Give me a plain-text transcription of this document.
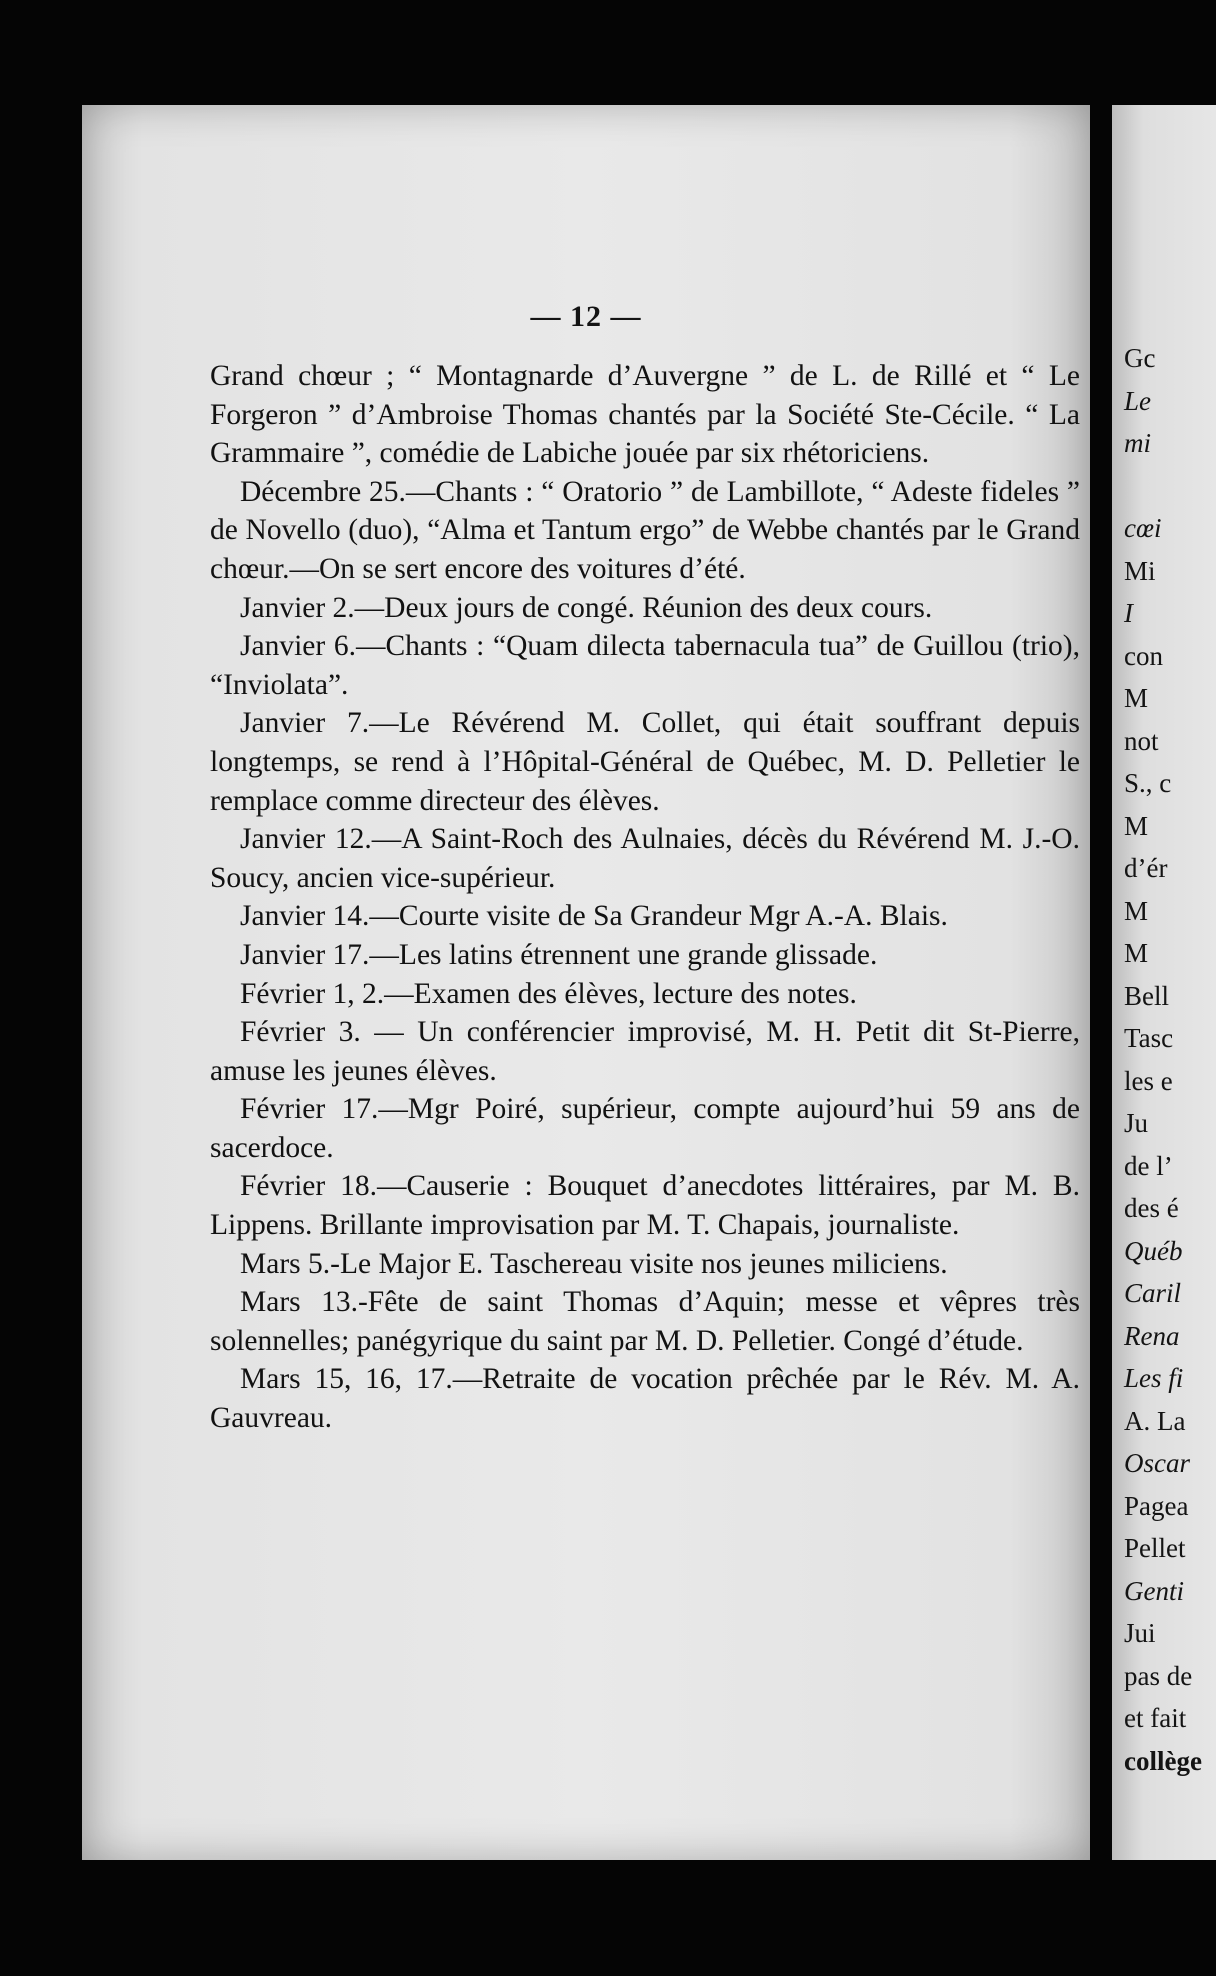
— 12 —

Grand chœur ; “ Montagnarde d’Auvergne ” de L. de Rillé et “ Le Forgeron ” d’Ambroise Thomas chantés par la Société Ste-Cécile. “ La Grammaire ”, comédie de Labiche jouée par six rhétoriciens.

Décembre 25.—Chants : “ Oratorio ” de Lambillote, “ Adeste fideles ” de Novello (duo), “Alma et Tantum ergo” de Webbe chantés par le Grand chœur.—On se sert encore des voitures d’été.

Janvier 2.—Deux jours de congé. Réunion des deux cours.

Janvier 6.—Chants : “Quam dilecta tabernacula tua” de Guillou (trio), “Inviolata”.

Janvier 7.—Le Révérend M. Collet, qui était souffrant depuis longtemps, se rend à l’Hôpital-Général de Québec, M. D. Pelletier le remplace comme directeur des élèves.

Janvier 12.—A Saint-Roch des Aulnaies, décès du Révérend M. J.-O. Soucy, ancien vice-supérieur.

Janvier 14.—Courte visite de Sa Grandeur Mgr A.-A. Blais.

Janvier 17.—Les latins étrennent une grande glissade.

Février 1, 2.—Examen des élèves, lecture des notes.

Février 3. — Un conférencier improvisé, M. H. Petit dit St-Pierre, amuse les jeunes élèves.

Février 17.—Mgr Poiré, supérieur, compte aujourd’hui 59 ans de sacerdoce.

Février 18.—Causerie : Bouquet d’anecdotes littéraires, par M. B. Lippens. Brillante improvisation par M. T. Chapais, journaliste.

Mars 5.-Le Major E. Taschereau visite nos jeunes miliciens.

Mars 13.-Fête de saint Thomas d’Aquin; messe et vêpres très solennelles; panégyrique du saint par M. D. Pelletier. Congé d’étude.

Mars 15, 16, 17.—Retraite de vocation prêchée par le Rév. M. A. Gauvreau.

Gc
Le
mi
cœi
Mi
I
con
M
not
S., c
M
d’ér
M
M
Bell
Tasc
les e
Ju
de l’
des é
Québ
Caril
Rena
Les fi
A. La
Oscar
Pagea
Pellet
Genti
Jui
pas de
et fait
collège
